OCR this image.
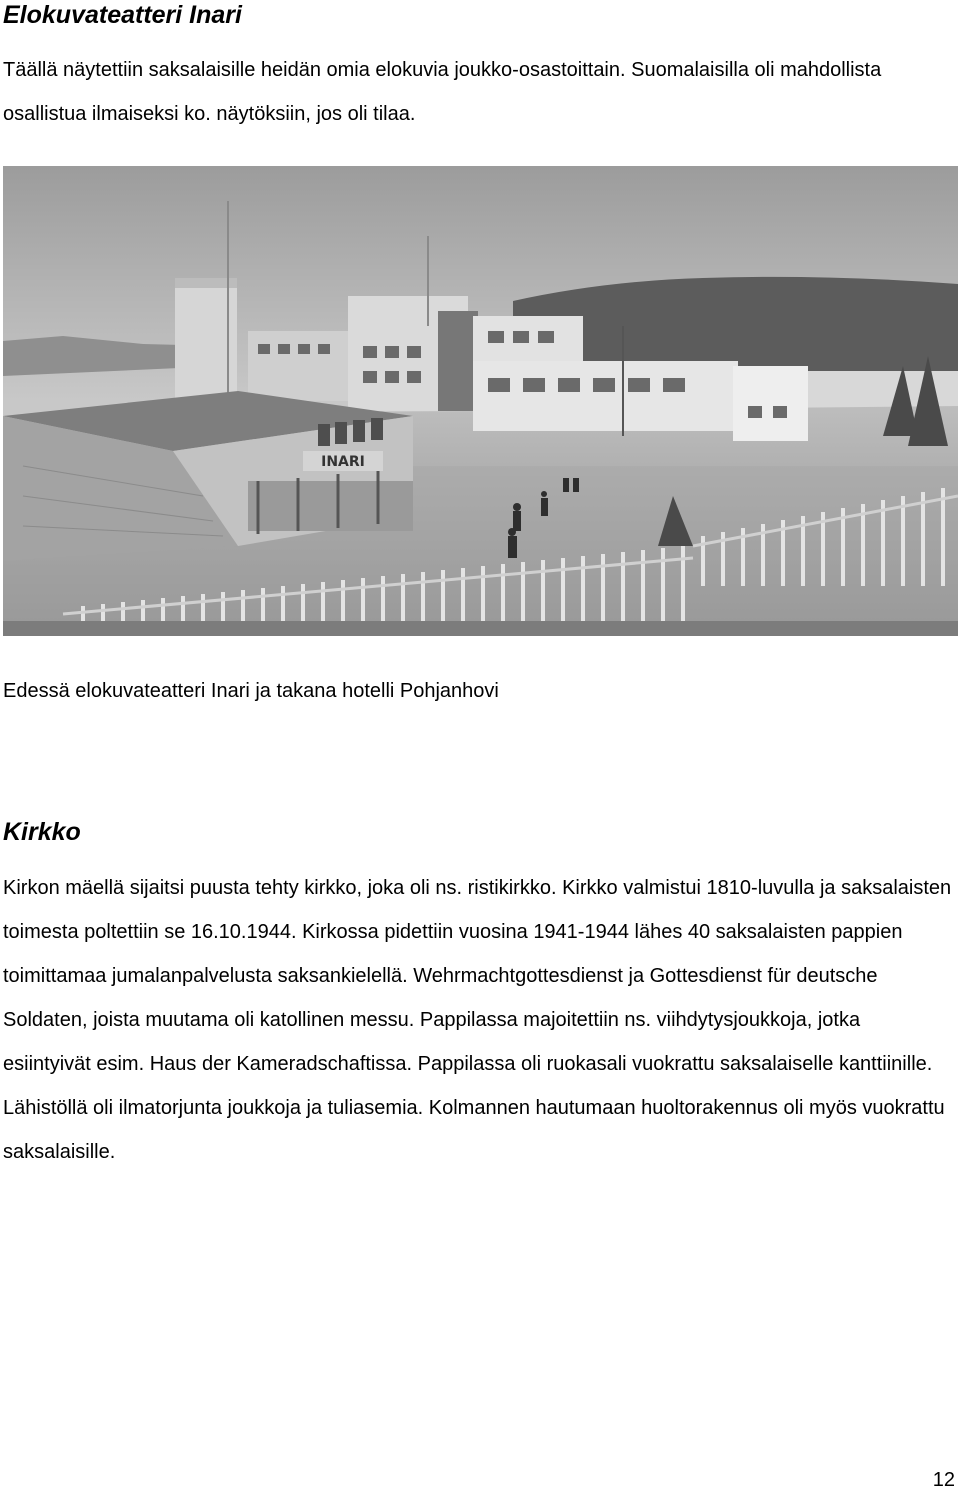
Elokuvateatteri Inari

Täällä näytettiin saksalaisille heidän omia elokuvia joukko-osastoittain. Suomalaisilla oli mahdollista osallistua ilmaiseksi ko. näytöksiin, jos oli tilaa.

INARI

Edessä elokuvateatteri Inari ja takana hotelli Pohjanhovi

Kirkko

Kirkon mäellä sijaitsi puusta tehty kirkko, joka oli ns. ristikirkko. Kirkko valmistui 1810-luvulla ja saksalaisten toimesta poltettiin se 16.10.1944. Kirkossa pidettiin vuosina 1941-1944 lähes 40 saksalaisten pappien toimittamaa jumalanpalvelusta saksankielellä. Wehrmachtgottesdienst ja Gottesdienst für deutsche Soldaten, joista muutama oli katollinen messu. Pappilassa majoitettiin ns. viihdytysjoukkoja, jotka esiintyivät esim. Haus der Kameradschaftissa. Pappilassa oli ruokasali vuokrattu saksalaiselle kanttiinille. Lähistöllä oli ilmatorjunta joukkoja ja tuliasemia. Kolmannen hautumaan huoltorakennus oli myös vuokrattu saksalaisille.

12
